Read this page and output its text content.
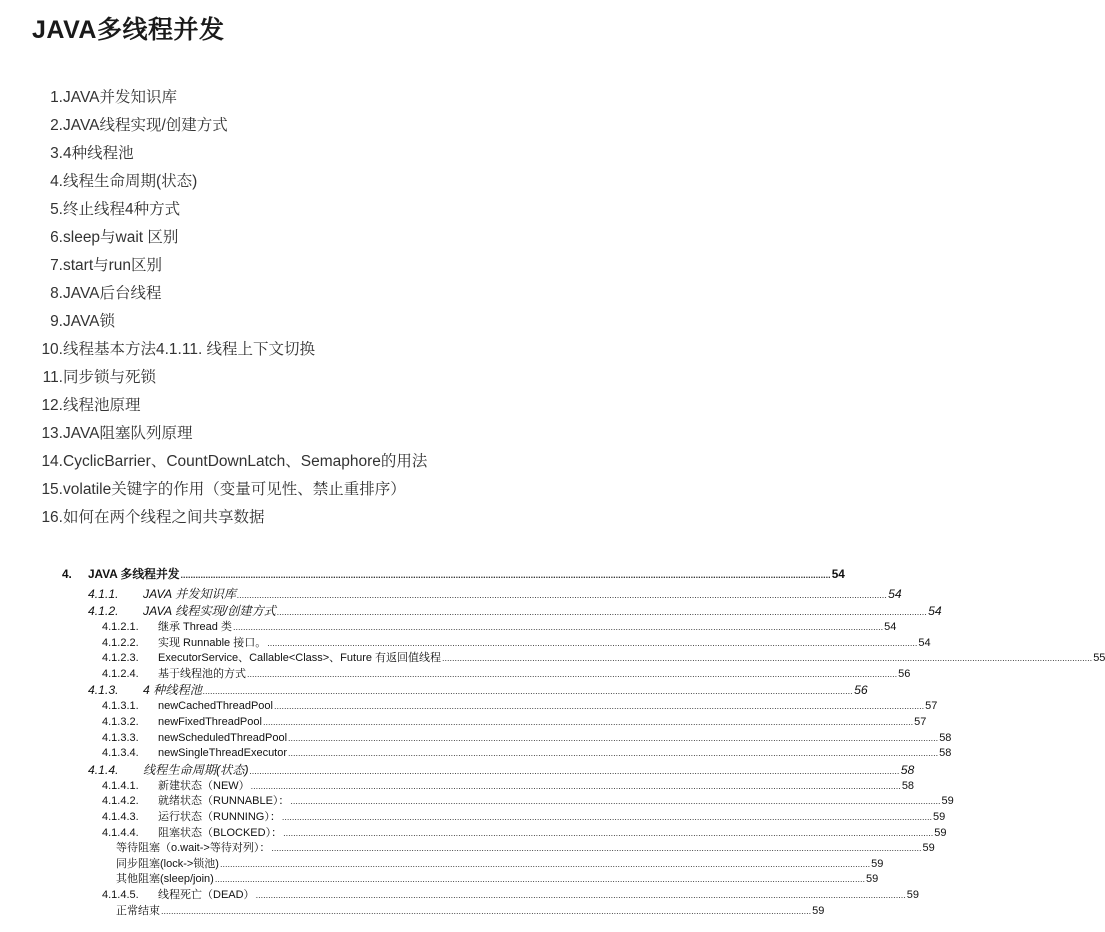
JAVA多线程并发
1. JAVA并发知识库
2. JAVA线程实现/创建方式
3. 4种线程池
4. 线程生命周期(状态)
5. 终止线程4种方式
6. sleep与wait 区别
7. start与run区别
8. JAVA后台线程
9. JAVA锁
10. 线程基本方法4.1.11. 线程上下文切换
11. 同步锁与死锁
12. 线程池原理
13. JAVA阻塞队列原理
14. CyclicBarrier、CountDownLatch、Semaphore的用法
15. volatile关键字的作用（变量可见性、禁止重排序）
16. 如何在两个线程之间共享数据
4.	JAVA 多线程并发 .................................................................................................................................................................................................................................................................... 54
4.1.1.	JAVA 并发知识库 .................................................................................................................................................................................................................................................................... 54
4.1.2.	JAVA 线程实现/创建方式 .................................................................................................................................................................................................................................................................... 54
4.1.2.1.	继承 Thread 类 .................................................................................................................................................................................................................................................................... 54
4.1.2.2.	实现 Runnable 接口。 .................................................................................................................................................................................................................................................................... 54
4.1.2.3.	ExecutorService、Callable<Class>、Future 有返回值线程 .................................................................................................................................................................................................................................................................... 55
4.1.2.4.	基于线程池的方式 .................................................................................................................................................................................................................................................................... 56
4.1.3.	4 种线程池 .................................................................................................................................................................................................................................................................... 56
4.1.3.1.	newCachedThreadPool .................................................................................................................................................................................................................................................................... 57
4.1.3.2.	newFixedThreadPool .................................................................................................................................................................................................................................................................... 57
4.1.3.3.	newScheduledThreadPool .................................................................................................................................................................................................................................................................... 58
4.1.3.4.	newSingleThreadExecutor .................................................................................................................................................................................................................................................................... 58
4.1.4.	线程生命周期(状态) .................................................................................................................................................................................................................................................................... 58
4.1.4.1.	新建状态（NEW） .................................................................................................................................................................................................................................................................... 58
4.1.4.2.	就绪状态（RUNNABLE）： .................................................................................................................................................................................................................................................................... 59
4.1.4.3.	运行状态（RUNNING）： .................................................................................................................................................................................................................................................................... 59
4.1.4.4.	阻塞状态（BLOCKED）： .................................................................................................................................................................................................................................................................... 59
等待阻塞（o.wait->等待对列）： .................................................................................................................................................................................................................................................................... 59
同步阻塞(lock->锁池) .................................................................................................................................................................................................................................................................... 59
其他阻塞(sleep/join) .................................................................................................................................................................................................................................................................... 59
4.1.4.5.	线程死亡（DEAD） .................................................................................................................................................................................................................................................................... 59
正常结束 .................................................................................................................................................................................................................................................................... 59
